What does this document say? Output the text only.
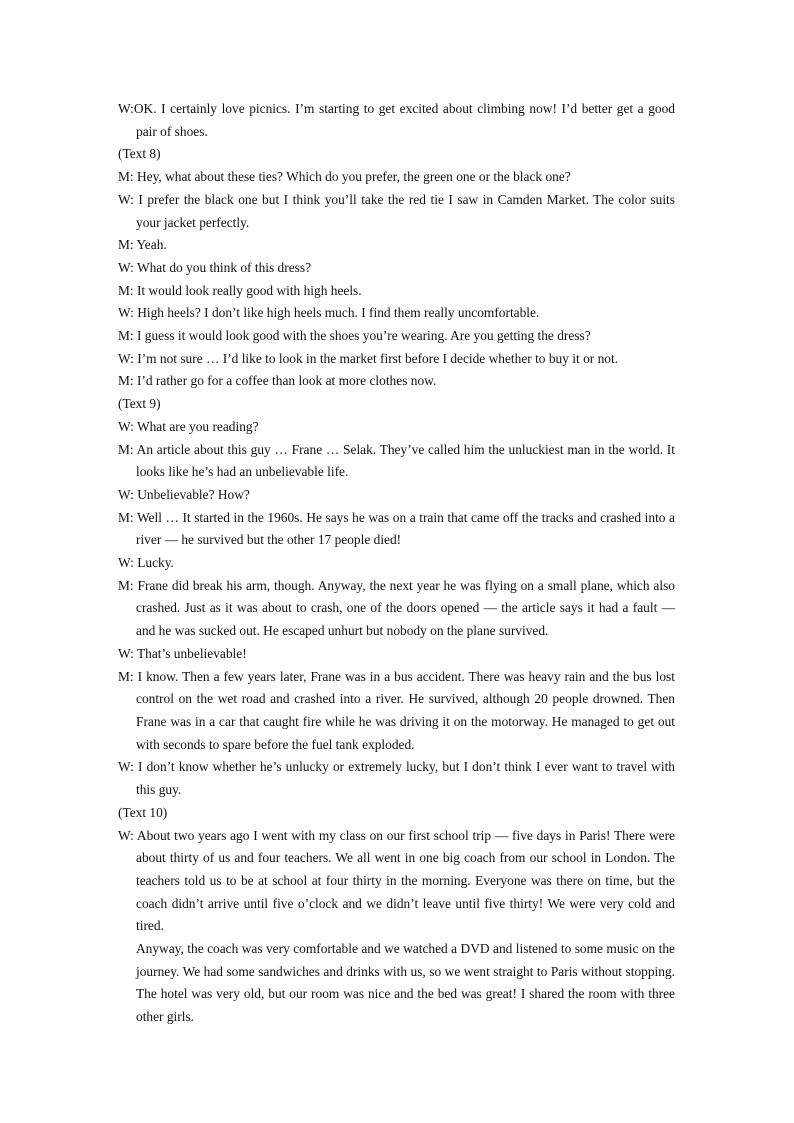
W:OK. I certainly love picnics. I’m starting to get excited about climbing now! I’d better get a good pair of shoes.

(Text 8)

M: Hey, what about these ties? Which do you prefer, the green one or the black one?

W: I prefer the black one but I think you’ll take the red tie I saw in Camden Market. The color suits your jacket perfectly.

M: Yeah.

W: What do you think of this dress?

M: It would look really good with high heels.

W: High heels? I don’t like high heels much. I find them really uncomfortable.

M: I guess it would look good with the shoes you’re wearing. Are you getting the dress?

W: I’m not sure … I’d like to look in the market first before I decide whether to buy it or not.

M: I’d rather go for a coffee than look at more clothes now.

(Text 9)

W: What are you reading?

M: An article about this guy … Frane … Selak. They’ve called him the unluckiest man in the world. It looks like he’s had an unbelievable life.

W: Unbelievable? How?

M: Well … It started in the 1960s. He says he was on a train that came off the tracks and crashed into a river — he survived but the other 17 people died!

W: Lucky.

M: Frane did break his arm, though. Anyway, the next year he was flying on a small plane, which also crashed. Just as it was about to crash, one of the doors opened — the article says it had a fault — and he was sucked out. He escaped unhurt but nobody on the plane survived.

W: That’s unbelievable!

M: I know. Then a few years later, Frane was in a bus accident. There was heavy rain and the bus lost control on the wet road and crashed into a river. He survived, although 20 people drowned. Then Frane was in a car that caught fire while he was driving it on the motorway. He managed to get out with seconds to spare before the fuel tank exploded.

W: I don’t know whether he’s unlucky or extremely lucky, but I don’t think I ever want to travel with this guy.

(Text 10)

W: About two years ago I went with my class on our first school trip — five days in Paris! There were about thirty of us and four teachers. We all went in one big coach from our school in London. The teachers told us to be at school at four thirty in the morning. Everyone was there on time, but the coach didn’t arrive until five o’clock and we didn’t leave until five thirty! We were very cold and tired.

Anyway, the coach was very comfortable and we watched a DVD and listened to some music on the journey. We had some sandwiches and drinks with us, so we went straight to Paris without stopping. The hotel was very old, but our room was nice and the bed was great! I shared the room with three other girls.
